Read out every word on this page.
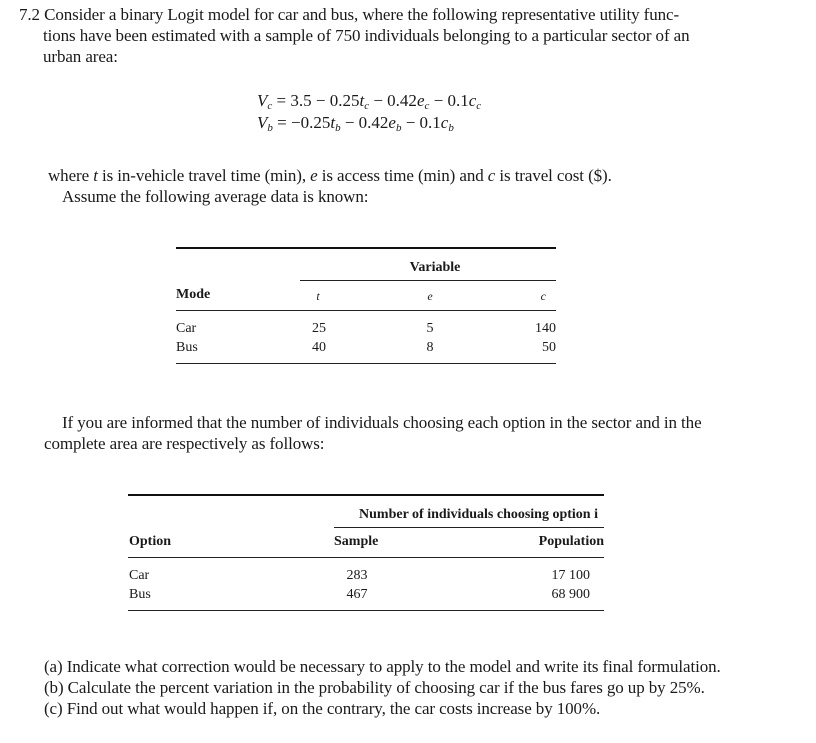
7.2 Consider a binary Logit model for car and bus, where the following representative utility func-
tions have been estimated with a sample of 750 individuals belonging to a particular sector of an
urban area:
$V_c = 3.5 - 0.25t_c - 0.42e_c - 0.1c_c$
$V_b = -0.25t_b - 0.42e_b - 0.1c_b$
where t is in-vehicle travel time (min), e is access time (min) and c is travel cost ($).
Assume the following average data is known:
Variable
Mode	t	e	c
Car	25	5	140
Bus	40	8	50
If you are informed that the number of individuals choosing each option in the sector and in the
complete area are respectively as follows:
Number of individuals choosing option i
Option	Sample	Population
Car	283	17 100
Bus	467	68 900
(a) Indicate what correction would be necessary to apply to the model and write its final formulation.
(b) Calculate the percent variation in the probability of choosing car if the bus fares go up by 25%.
(c) Find out what would happen if, on the contrary, the car costs increase by 100%.
